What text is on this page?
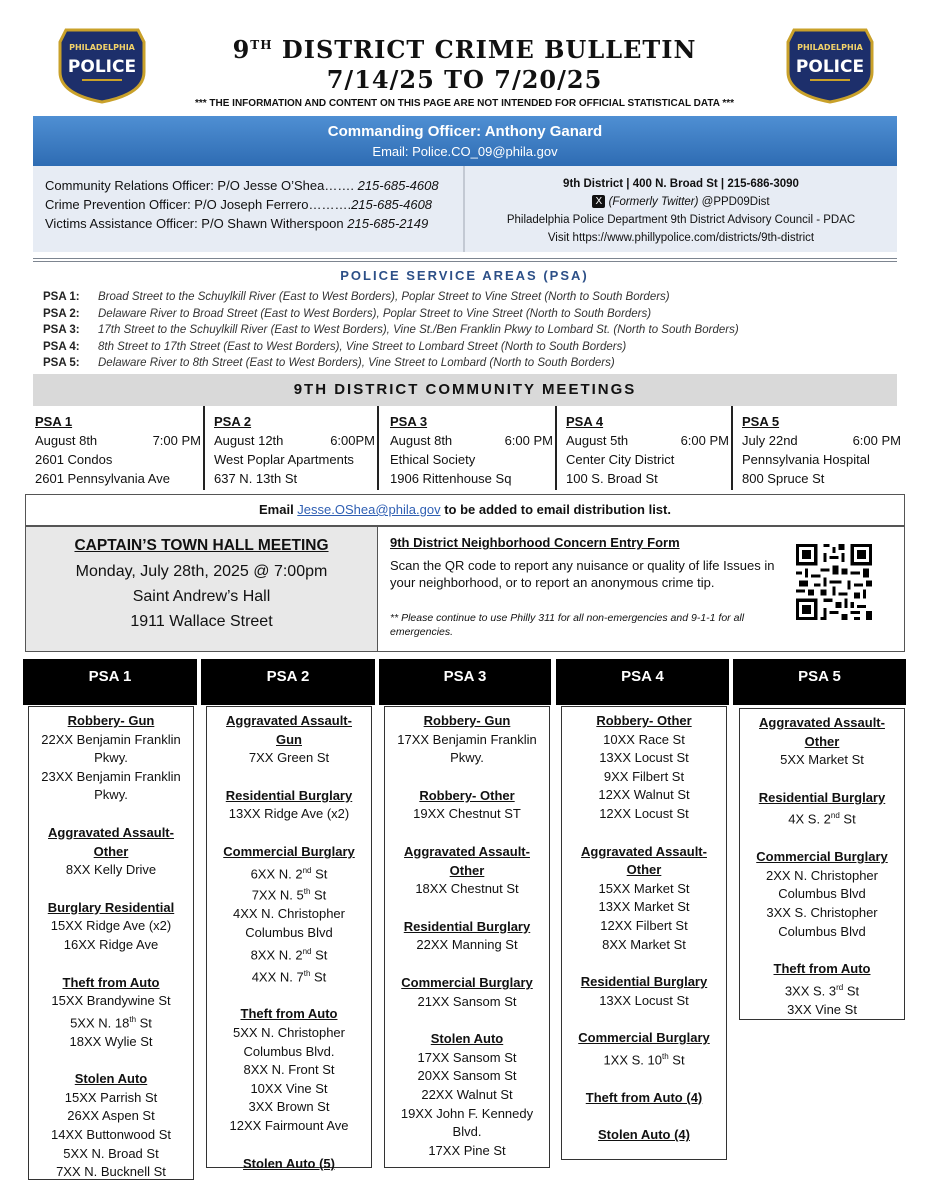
PHILADELPHIA
POLICE
PHILADELPHIA
POLICE
9TH DISTRICT CRIME BULLETIN
7/14/25 TO 7/20/25
*** THE INFORMATION AND CONTENT ON THIS PAGE ARE NOT INTENDED FOR OFFICIAL STATISTICAL DATA ***
Commanding Officer: Anthony Ganard
Email: Police.CO_09@phila.gov
Community Relations Officer: P/O Jesse O’Shea……. 215-685-4608
Crime Prevention Officer: P/O Joseph Ferrero……….215-685-4608
Victims Assistance Officer: P/O Shawn Witherspoon 215-685-2149
9th District | 400 N. Broad St | 215-686-3090
X (Formerly Twitter) @PPD09Dist
Philadelphia Police Department 9th District Advisory Council - PDAC
Visit https://www.phillypolice.com/districts/9th-district
POLICE SERVICE AREAS (PSA)
PSA 1: Broad Street to the Schuylkill River (East to West Borders), Poplar Street to Vine Street (North to South Borders)
PSA 2: Delaware River to Broad Street (East to West Borders), Poplar Street to Vine Street (North to South Borders)
PSA 3: 17th Street to the Schuylkill River (East to West Borders), Vine St./Ben Franklin Pkwy to Lombard St. (North to South Borders)
PSA 4: 8th Street to 17th Street (East to West Borders), Vine Street to Lombard Street (North to South Borders)
PSA 5: Delaware River to 8th Street (East to West Borders), Vine Street to Lombard (North to South Borders)
9TH DISTRICT COMMUNITY MEETINGS
PSA 1
August 8th	7:00 PM
2601 Condos
2601 Pennsylvania Ave
PSA 2
August 12th	6:00PM
West Poplar Apartments
637 N. 13th St
PSA 3
August 8th	6:00 PM
Ethical Society
1906 Rittenhouse Sq
PSA 4
August 5th	6:00 PM
Center City District
100 S. Broad St
PSA 5
July 22nd	6:00 PM
Pennsylvania Hospital
800 Spruce St
Email Jesse.OShea@phila.gov to be added to email distribution list.
CAPTAIN’S TOWN HALL MEETING
Monday, July 28th, 2025 @ 7:00pm
Saint Andrew’s Hall
1911 Wallace Street
9th District Neighborhood Concern Entry Form
Scan the QR code to report any nuisance or quality of life Issues in your neighborhood, or to report an anonymous crime tip.
** Please continue to use Philly 311 for all non-emergencies and 9-1-1 for all emergencies.
PSA 1	PSA 2	PSA 3	PSA 4	PSA 5
Robbery- Gun
22XX Benjamin Franklin
Pkwy.
23XX Benjamin Franklin
Pkwy.
Aggravated Assault-
Other
8XX Kelly Drive
Burglary Residential
15XX Ridge Ave (x2)
16XX Ridge Ave
Theft from Auto
15XX Brandywine St
5XX N. 18th St
18XX Wylie St
Stolen Auto
15XX Parrish St
26XX Aspen St
14XX Buttonwood St
5XX N. Broad St
7XX N. Bucknell St
Aggravated Assault-
Gun
7XX Green St
Residential Burglary
13XX Ridge Ave (x2)
Commercial Burglary
6XX N. 2nd St
7XX N. 5th St
4XX N. Christopher
Columbus Blvd
8XX N. 2nd St
4XX N. 7th St
Theft from Auto
5XX N. Christopher
Columbus Blvd.
8XX N. Front St
10XX Vine St
3XX Brown St
12XX Fairmount Ave
Stolen Auto (5)
Robbery- Gun
17XX Benjamin Franklin
Pkwy.
Robbery- Other
19XX Chestnut ST
Aggravated Assault-
Other
18XX Chestnut St
Residential Burglary
22XX Manning St
Commercial Burglary
21XX Sansom St
Stolen Auto
17XX Sansom St
20XX Sansom St
22XX Walnut St
19XX John F. Kennedy
Blvd.
17XX Pine St
Robbery- Other
10XX Race St
13XX Locust St
9XX Filbert St
12XX Walnut St
12XX Locust St
Aggravated Assault-
Other
15XX Market St
13XX Market St
12XX Filbert St
8XX Market St
Residential Burglary
13XX Locust St
Commercial Burglary
1XX S. 10th St
Theft from Auto (4)
Stolen Auto (4)
Aggravated Assault-
Other
5XX Market St
Residential Burglary
4X S. 2nd St
Commercial Burglary
2XX N. Christopher
Columbus Blvd
3XX S. Christopher
Columbus Blvd
Theft from Auto
3XX S. 3rd St
3XX Vine St
